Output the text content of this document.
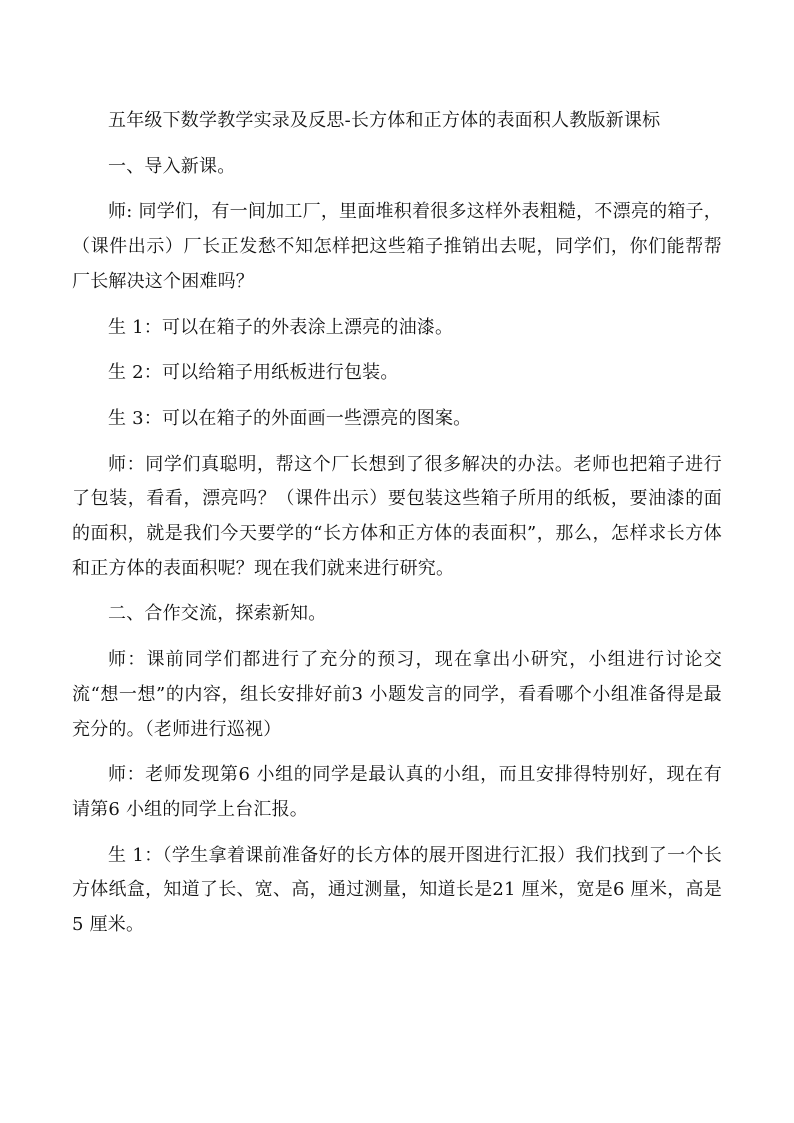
五年级下数学教学实录及反思-长方体和正方体的表面积人教版新课标

一、导入新课。

师: 同学们，有一间加工厂，里面堆积着很多这样外表粗糙，不漂亮的箱子，（课件出示）厂长正发愁不知怎样把这些箱子推销出去呢，同学们，你们能帮帮厂长解决这个困难吗？

生 1：可以在箱子的外表涂上漂亮的油漆。

生 2：可以给箱子用纸板进行包装。

生 3：可以在箱子的外面画一些漂亮的图案。

师：同学们真聪明，帮这个厂长想到了很多解决的办法。老师也把箱子进行了包装，看看，漂亮吗？（课件出示）要包装这些箱子所用的纸板，要油漆的面的面积，就是我们今天要学的“长方体和正方体的表面积”，那么，怎样求长方体和正方体的表面积呢？现在我们就来进行研究。

二、合作交流，探索新知。

师：课前同学们都进行了充分的预习，现在拿出小研究，小组进行讨论交流“想一想”的内容，组长安排好前3 小题发言的同学，看看哪个小组准备得是最充分的。（老师进行巡视）

师：老师发现第6 小组的同学是最认真的小组，而且安排得特别好，现在有请第6 小组的同学上台汇报。

生 1：（学生拿着课前准备好的长方体的展开图进行汇报）我们找到了一个长方体纸盒，知道了长、宽、高，通过测量，知道长是21 厘米，宽是6 厘米，高是5 厘米。
